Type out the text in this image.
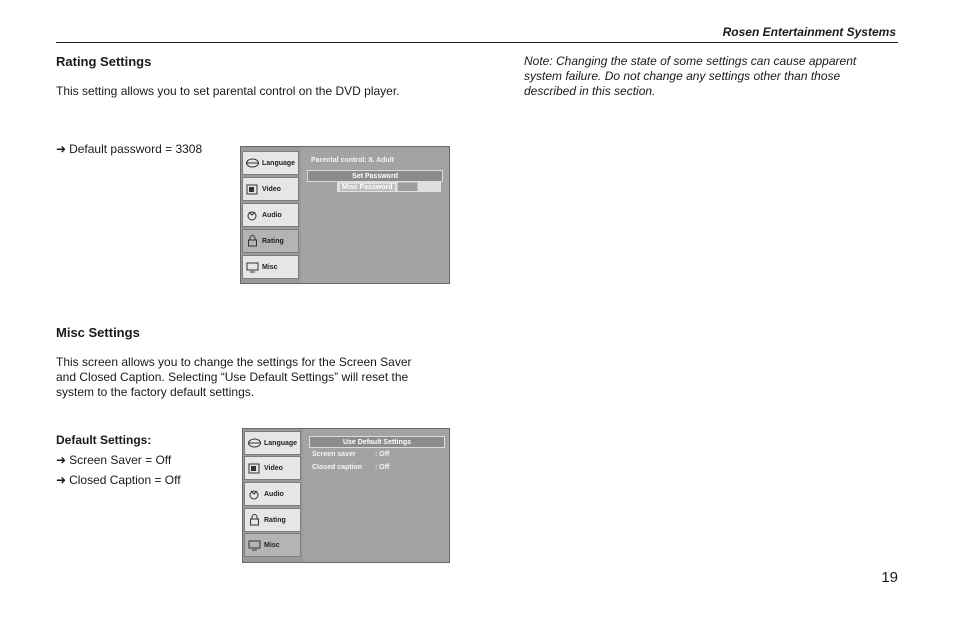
Rosen Entertainment Systems
Rating Settings
This setting allows you to set parental control on the DVD player.
➜ Default password = 3308
Language
Video
Audio
Rating
Misc
Parental control: 8. Adult
Set Password
Misc Password ████
Misc Settings
This screen allows you to change the settings for the Screen Saver and Closed Caption. Selecting “Use Default Settings” will reset the system to the factory default settings.
Default Settings:
➜ Screen Saver = Off
➜ Closed Caption = Off
Language
Video
Audio
Rating
Misc
Use Default Settings
Screen saver	: Off
Closed caption : Off
Note: Changing the state of some settings can cause apparent system failure. Do not change any settings other than those described in this section.
19
